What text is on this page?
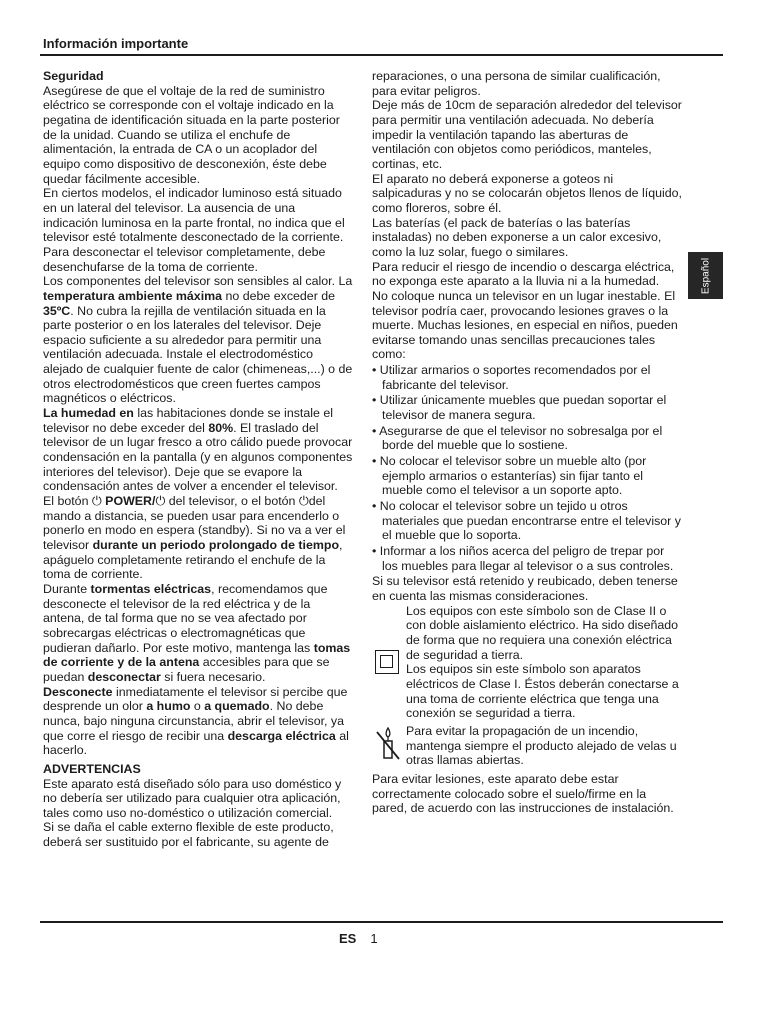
Información importante
Seguridad

Asegúrese de que el voltaje de la red de suministro eléctrico se corresponde con el voltaje indicado en la pegatina de identificación situada en la parte posterior de la unidad. Cuando se utiliza el enchufe de alimentación, la entrada de CA o un acoplador del equipo como dispositivo de desconexión, éste debe quedar fácilmente accesible.

En ciertos modelos, el indicador luminoso está situado en un lateral del televisor. La ausencia de una indicación luminosa en la parte frontal, no indica que el televisor esté totalmente desconectado de la corriente. Para desconectar el televisor completamente, debe desenchufarse de la toma de corriente.

Los componentes del televisor son sensibles al calor. La temperatura ambiente máxima no debe exceder de 35ºC. No cubra la rejilla de ventilación situada en la parte posterior o en los laterales del televisor. Deje espacio suficiente a su alrededor para permitir una ventilación adecuada. Instale el electrodoméstico alejado de cualquier fuente de calor (chimeneas,...) o de otros electrodomésticos que creen fuertes campos magnéticos o eléctricos.

La humedad en las habitaciones donde se instale el televisor no debe exceder del 80%. El traslado del televisor de un lugar fresco a otro cálido puede provocar condensación en la pantalla (y en algunos componentes interiores del televisor). Deje que se evapore la condensación antes de volver a encender el televisor.

El botón ⏻ POWER/⏻ del televisor, o el botón ⏻del mando a distancia, se pueden usar para encenderlo o ponerlo en modo en espera (standby). Si no va a ver el televisor durante un periodo prolongado de tiempo, apáguelo completamente retirando el enchufe de la toma de corriente.

Durante tormentas eléctricas, recomendamos que desconecte el televisor de la red eléctrica y de la antena, de tal forma que no se vea afectado por sobrecargas eléctricas o electromagnéticas que pudieran dañarlo. Por este motivo, mantenga las tomas de corriente y de la antena accesibles para que se puedan desconectar si fuera necesario.

Desconecte inmediatamente el televisor si percibe que desprende un olor a humo o a quemado. No debe nunca, bajo ninguna circunstancia, abrir el televisor, ya que corre el riesgo de recibir una descarga eléctrica al hacerlo.

ADVERTENCIAS

Este aparato está diseñado sólo para uso doméstico y no debería ser utilizado para cualquier otra aplicación, tales como uso no-doméstico o utilización comercial.

Si se daña el cable externo flexible de este producto, deberá ser sustituido por el fabricante, su agente de

reparaciones, o una persona de similar cualificación, para evitar peligros.

Deje más de 10cm de separación alrededor del televisor para permitir una ventilación adecuada. No debería impedir la ventilación tapando las aberturas de ventilación con objetos como periódicos, manteles, cortinas, etc.

El aparato no deberá exponerse a goteos ni salpicaduras y no se colocarán objetos llenos de líquido, como floreros, sobre él.

Las baterías (el pack de baterías o las baterías instaladas) no deben exponerse a un calor excesivo, como la luz solar, fuego o similares.

Para reducir el riesgo de incendio o descarga eléctrica, no exponga este aparato a la lluvia ni a la humedad.

No coloque nunca un televisor en un lugar inestable. El televisor podría caer, provocando lesiones graves o la muerte. Muchas lesiones, en especial en niños, pueden evitarse tomando unas sencillas precauciones tales como:

• Utilizar armarios o soportes recomendados por el fabricante del televisor.

• Utilizar únicamente muebles que puedan soportar el televisor de manera segura.

• Asegurarse de que el televisor no sobresalga por el borde del mueble que lo sostiene.

• No colocar el televisor sobre un mueble alto (por ejemplo armarios o estanterías) sin fijar tanto el mueble como el televisor a un soporte apto.

• No colocar el televisor sobre un tejido u otros materiales que puedan encontrarse entre el televisor y el mueble que lo soporta.

• Informar a los niños acerca del peligro de trepar por los muebles para llegar al televisor o a sus controles.

Si su televisor está retenido y reubicado, deben tenerse en cuenta las mismas consideraciones.

Los equipos con este símbolo son de Clase II o con doble aislamiento eléctrico. Ha sido diseñado de forma que no requiera una conexión eléctrica de seguridad a tierra.

Los equipos sin este símbolo son aparatos eléctricos de Clase I. Éstos deberán conectarse a una toma de corriente eléctrica que tenga una conexión se seguridad a tierra.

Para evitar la propagación de un incendio, mantenga siempre el producto alejado de velas u otras llamas abiertas.

Para evitar lesiones, este aparato debe estar correctamente colocado sobre el suelo/firme en la pared, de acuerdo con las instrucciones de instalación.

Español
ES 1
